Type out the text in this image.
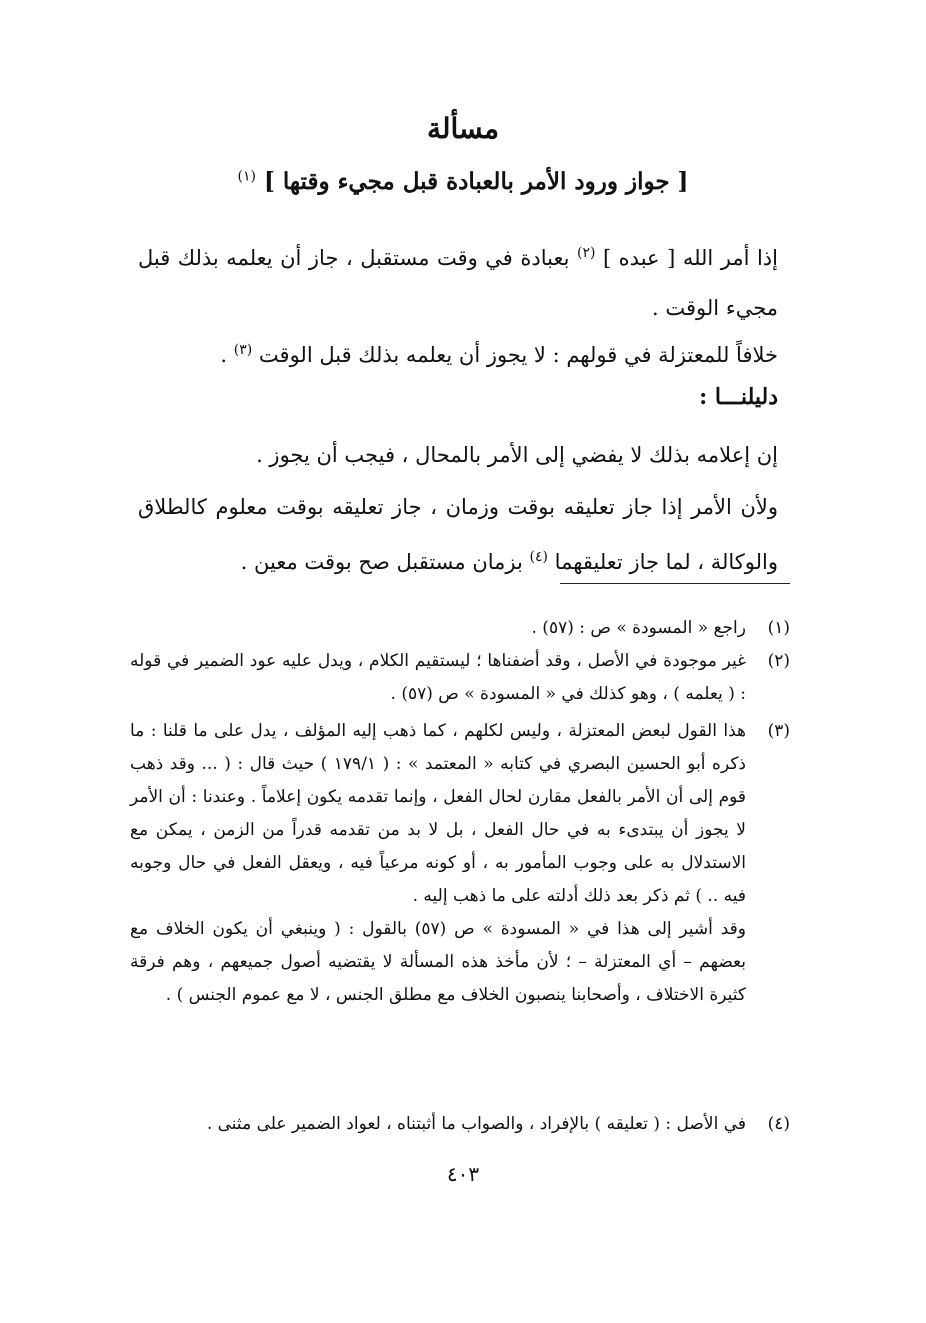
مسألة
[ جواز ورود الأمر بالعبادة قبل مجيء وقتها ] $^{(١)}$
إذا أمر الله [ عبده ] $^{(٢)}$ بعبادة في وقت مستقبل ، جاز أن يعلمه بذلك قبل مجيء الوقت .
خلافاً للمعتزلة في قولهم : لا يجوز أن يعلمه بذلك قبل الوقت $^{(٣)}$ .
دليلنـــا :
إن إعلامه بذلك لا يفضي إلى الأمر بالمحال ، فيجب أن يجوز .
ولأن الأمر إذا جاز تعليقه بوقت وزمان ، جاز تعليقه بوقت معلوم كالطلاق والوكالة ، لما جاز تعليقهما $^{(٤)}$ بزمان مستقبل صح بوقت معين .
(١)
راجع « المسودة » ص : (٥٧) .
(٢)
غير موجودة في الأصل ، وقد أضفناها ؛ ليستقيم الكلام ، ويدل عليه عود الضمير في قوله : ( يعلمه ) ، وهو كذلك في « المسودة » ص (٥٧) .
(٣)
هذا القول لبعض المعتزلة ، وليس لكلهم ، كما ذهب إليه المؤلف ، يدل على ما قلنا : ما ذكره أبو الحسين البصري في كتابه « المعتمد » : ( ١٧٩/١ ) حيث قال : ( ... وقد ذهب قوم إلى أن الأمر بالفعل مقارن لحال الفعل ، وإنما تقدمه يكون إعلاماً . وعندنا : أن الأمر لا يجوز أن يبتدىء به في حال الفعل ، بل لا بد من تقدمه قدراً من الزمن ، يمكن مع الاستدلال به على وجوب المأمور به ، أو كونه مرعياً فيه ، ويعقل الفعل في حال وجوبه فيه .. ) ثم ذكر بعد ذلك أدلته على ما ذهب إليه .
وقد أشير إلى هذا في « المسودة » ص (٥٧) بالقول : ( وينبغي أن يكون الخلاف مع بعضهم – أي المعتزلة – ؛ لأن مأخذ هذه المسألة لا يقتضيه أصول جميعهم ، وهم فرقة كثيرة الاختلاف ، وأصحابنا ينصبون الخلاف مع مطلق الجنس ، لا مع عموم الجنس ) .
(٤)
في الأصل : ( تعليقه ) بالإفراد ، والصواب ما أثبتناه ، لعواد الضمير على مثنى .
٤٠٣
